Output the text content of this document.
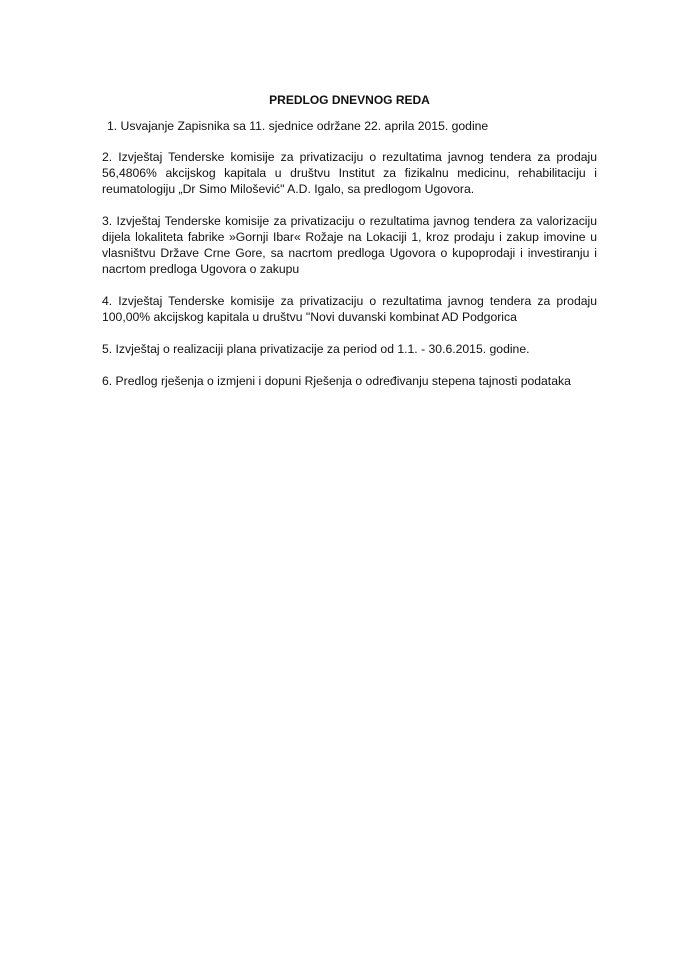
PREDLOG DNEVNOG REDA

1. Usvajanje Zapisnika sa 11. sjednice održane 22. aprila 2015. godine

2. Izvještaj Tenderske komisije za privatizaciju o rezultatima javnog tendera za prodaju 56,4806% akcijskog kapitala u društvu Institut za fizikalnu medicinu, rehabilitaciju i reumatologiju „Dr Simo Milošević" A.D. Igalo, sa predlogom Ugovora.

3. Izvještaj Tenderske komisije za privatizaciju o rezultatima javnog tendera za valorizaciju dijela lokaliteta fabrike »Gornji Ibar« Rožaje na Lokaciji 1, kroz prodaju i zakup imovine u vlasništvu Države Crne Gore, sa nacrtom predloga Ugovora o kupoprodaji i investiranju i nacrtom predloga Ugovora o zakupu

4. Izvještaj Tenderske komisije za privatizaciju o rezultatima javnog tendera za prodaju 100,00% akcijskog kapitala u društvu "Novi duvanski kombinat AD Podgorica

5. Izvještaj o realizaciji plana privatizacije za period od 1.1. - 30.6.2015. godine.

6. Predlog rješenja o izmjeni i dopuni Rješenja o određivanju stepena tajnosti podataka
